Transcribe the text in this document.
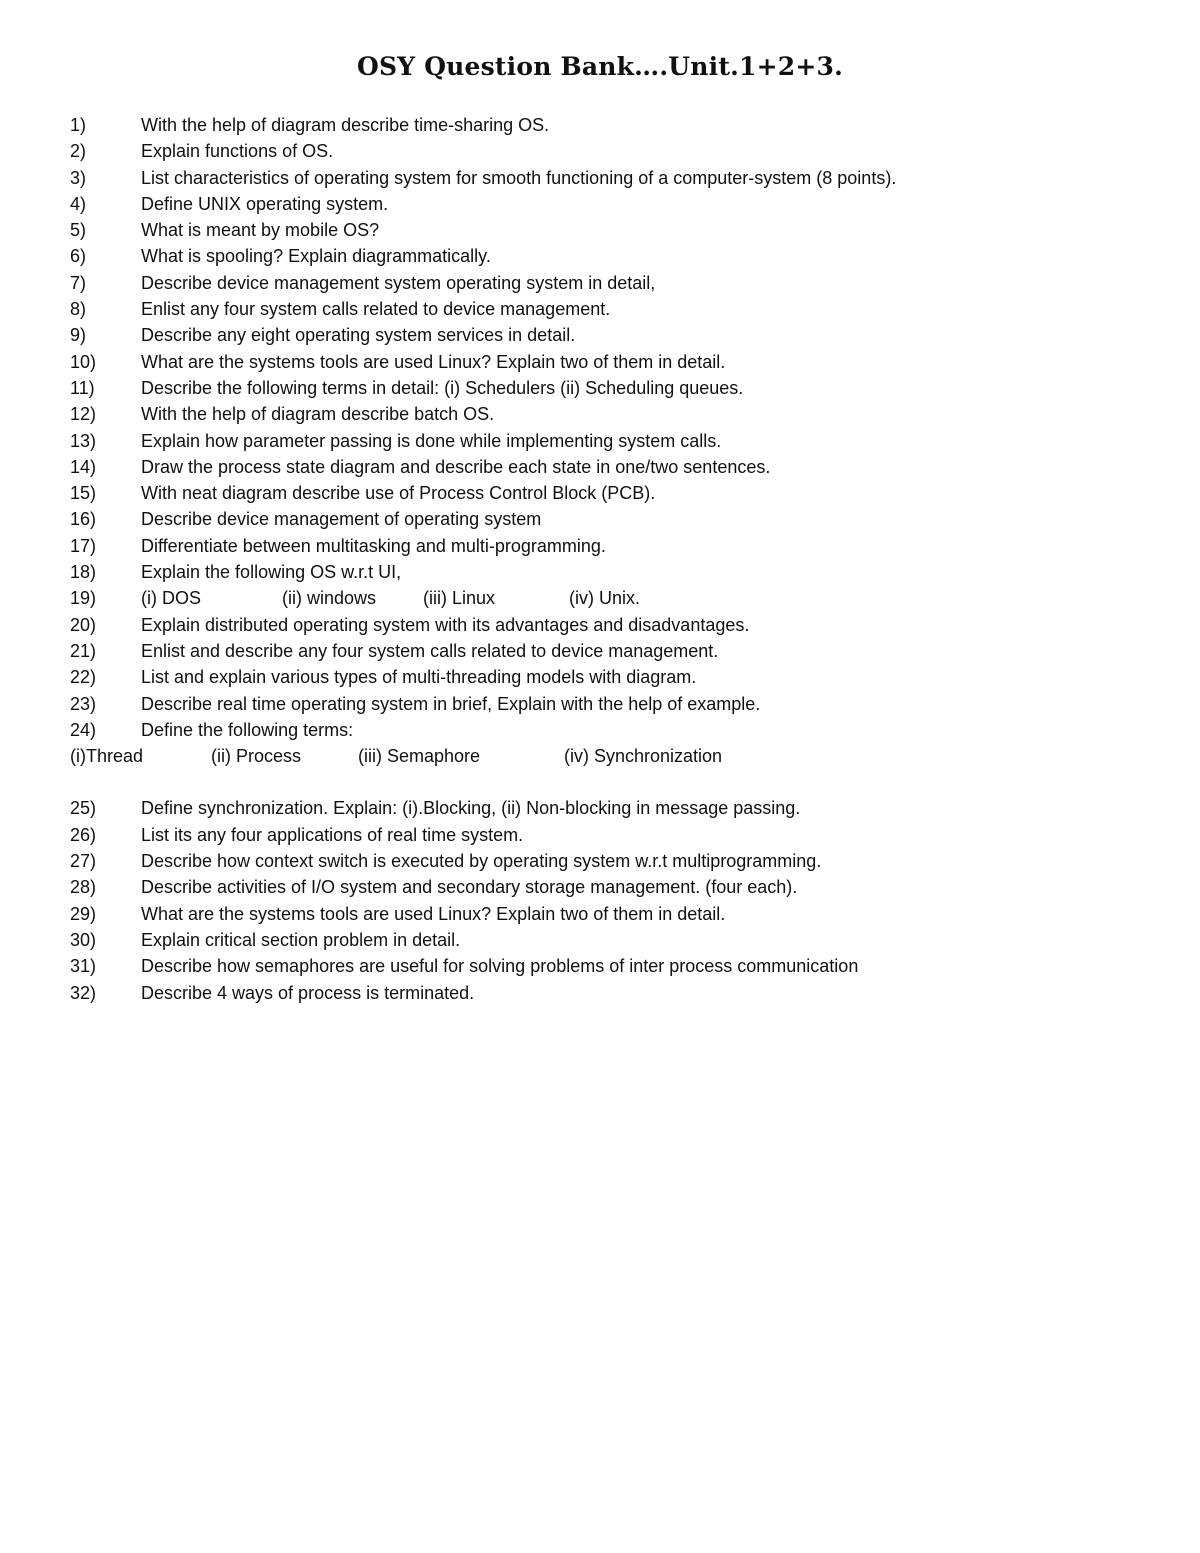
OSY Question Bank….Unit.1+2+3.
1)	With the help of diagram describe time-sharing OS.
2)	Explain functions of OS.
3)	List characteristics of operating system for smooth functioning of a computer-system (8 points).
4)	Define UNIX operating system.
5)	What is meant by mobile OS?
6)	What is spooling? Explain diagrammatically.
7)	Describe device management system operating system in detail,
8)	Enlist any four system calls related to device management.
9)	Describe any eight operating system services in detail.
10) What are the systems tools are used Linux? Explain two of them in detail.
11)	Describe the following terms in detail: (i) Schedulers (ii) Scheduling queues.
12) With the help of diagram describe batch OS.
13) Explain how parameter passing is done while implementing system calls.
14) Draw the process state diagram and describe each state in one/two sentences.
15) With neat diagram describe use of Process Control Block (PCB).
16) Describe device management of operating system
17) Differentiate between multitasking and multi-programming.
18) Explain the following OS w.r.t UI,
19) (i) DOS	(ii) windows	(iii) Linux	(iv) Unix.
20) Explain distributed operating system with its advantages and disadvantages.
21) Enlist and describe any four system calls related to device management.
22) List and explain various types of multi-threading models with diagram.
23) Describe real time operating system in brief, Explain with the help of example.
24) Define the following terms:
(i)Thread	(ii) Process	(iii) Semaphore	(iv) Synchronization
25) Define synchronization. Explain: (i).Blocking, (ii) Non-blocking in message passing.
26) List its any four applications of real time system.
27) Describe how context switch is executed by operating system w.r.t multiprogramming.
28) Describe activities of I/O system and secondary storage management. (four each).
29) What are the systems tools are used Linux? Explain two of them in detail.
30) Explain critical section problem in detail.
31) Describe how semaphores are useful for solving problems of inter process communication
32) Describe 4 ways of process is terminated.
